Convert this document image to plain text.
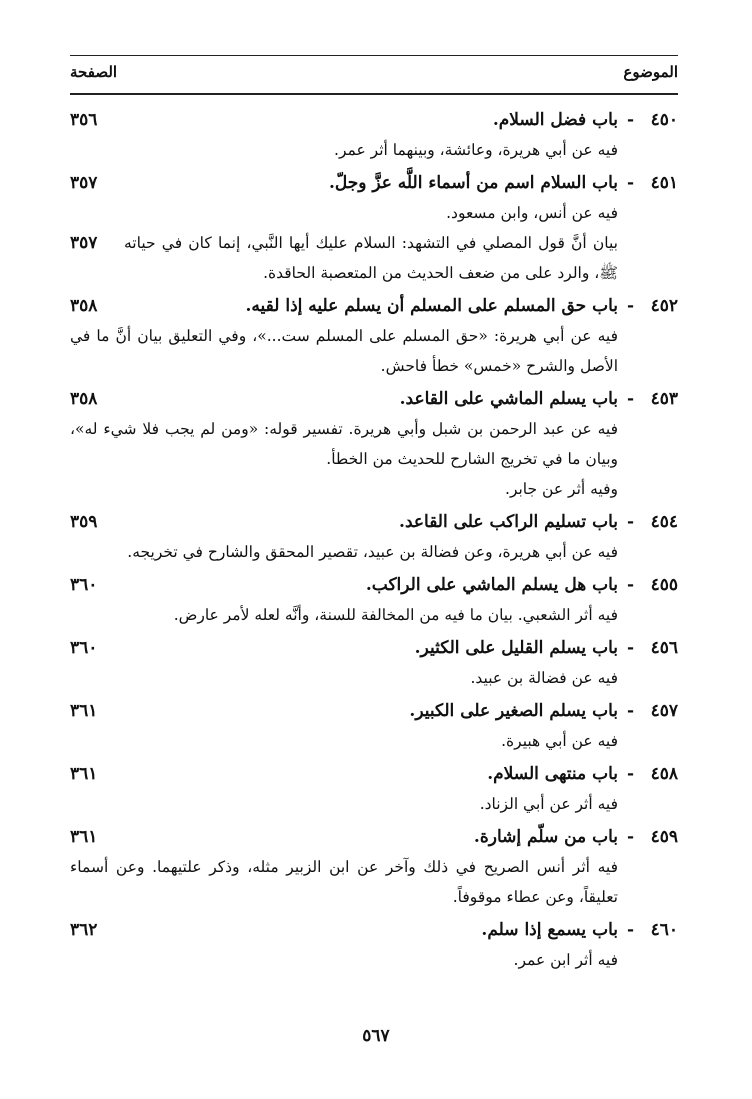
الموضوع
الصفحة
٤٥٠
-
باب فضل السلام.
٣٥٦
فيه عن أبي هريرة، وعائشة، وبينهما أثر عمر.
٤٥١
-
باب السلام اسم من أسماء اللَّه عزَّ وجلّ.
٣٥٧
فيه عن أنس، وابن مسعود.
بيان أنَّ قول المصلي في التشهد: السلام عليك أيها النَّبي، إنما كان في حياته ﷺ، والرد على من ضعف الحديث من المتعصبة الحاقدة.
٣٥٧
٤٥٢
-
باب حق المسلم على المسلم أن يسلم عليه إذا لقيه.
٣٥٨
فيه عن أبي هريرة: «حق المسلم على المسلم ست...»، وفي التعليق بيان أنَّ ما في الأصل والشرح «خمس» خطأ فاحش.
٤٥٣
-
باب يسلم الماشي على القاعد.
٣٥٨
فيه عن عبد الرحمن بن شبل وأبي هريرة. تفسير قوله: «ومن لم يجب فلا شيء له»، وبيان ما في تخريج الشارح للحديث من الخطأ.
وفيه أثر عن جابر.
٤٥٤
-
باب تسليم الراكب على القاعد.
٣٥٩
فيه عن أبي هريرة، وعن فضالة بن عبيد، تقصير المحقق والشارح في تخريجه.
٤٥٥
-
باب هل يسلم الماشي على الراكب.
٣٦٠
فيه أثر الشعبي. بيان ما فيه من المخالفة للسنة، وأنَّه لعله لأمر عارض.
٤٥٦
-
باب يسلم القليل على الكثير.
٣٦٠
فيه عن فضالة بن عبيد.
٤٥٧
-
باب يسلم الصغير على الكبير.
٣٦١
فيه عن أبي هبيرة.
٤٥٨
-
باب منتهى السلام.
٣٦١
فيه أثر عن أبي الزناد.
٤٥٩
-
باب من سلّم إشارة.
٣٦١
فيه أثر أنس الصريح في ذلك وآخر عن ابن الزبير مثله، وذكر علتيهما. وعن أسماء تعليقاً، وعن عطاء موقوفاً.
٤٦٠
-
باب يسمع إذا سلم.
٣٦٢
فيه أثر ابن عمر.
٥٦٧
